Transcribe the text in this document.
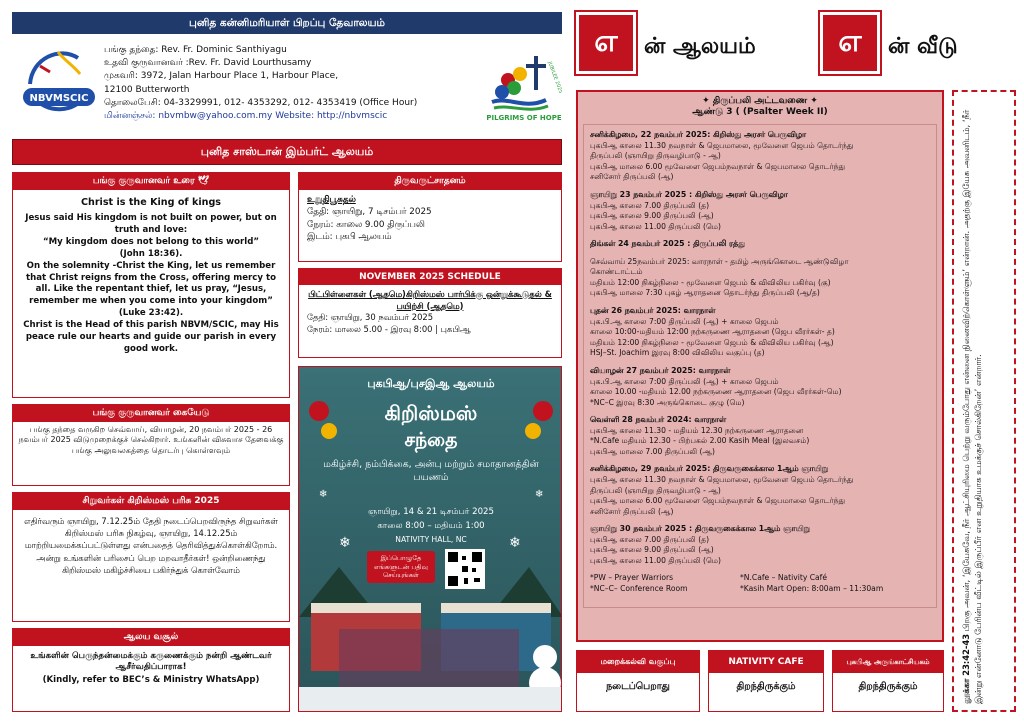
புனித கன்னிமரியாள் பிறப்பு தேவாலயம்
NBVMSCIC
பங்கு தந்தை: Rev. Fr. Dominic Santhiyagu
உதவி குருவானவர் :Rev. Fr. David Lourthusamy
முகவரி: 3972, Jalan Harbour Place 1, Harbour Place,
12100 Butterworth
தொலைபேசி: 04-3329991, 012- 4353292, 012- 4353419 (Office Hour)
மின்னஞ்சல்: nbvmbw@yahoo.com.my Website: http://nbvmscic	PILGRIMS OF HOPE
JUBILEE 2025
புனித சாஸ்டான் இம்பர்ட் ஆலயம்
எ	ன் ஆலயம்	எ	ன் வீடு
பங்கு குருவானவர் உரை 🕊
Christ is the King of kings
Jesus said His kingdom is not built on power, but on truth and love:
“My kingdom does not belong to this world”
(John 18:36).
On the solemnity -Christ the King, let us remember that Christ reigns from the Cross, offering mercy to all. Like the repentant thief, let us pray, “Jesus, remember me when you come into your kingdom”
(Luke 23:42).
Christ is the Head of this parish NBVM/SCIC, may His peace rule our hearts and guide our parish in every good work.
பங்கு குருவானவர் கையேடு
பங்கு தந்தை வருகிற செவ்வாய், வியாழன், 20 நவம்பர் 2025 - 26 நவம்பர் 2025 விடுமுறைக்குச் செல்கிறார். உங்களின் விசுவாச தேவைக்கு பங்கு அலுவலகத்தை தொடர்பு கொள்ளவும்
சிறுவர்கள் கிறிஸ்மஸ் பரிசு 2025
எதிர்வரும் ஞாயிறு, 7.12.25ம் தேதி நடைப்பெறவிருந்த சிறுவர்கள் கிறிஸ்மஸ் பரிசு நிகழ்வு, ஞாயிறு, 14.12.25ம் மாற்றியமைக்கப்பட்டுள்ளது என்பதைத் தெரிவித்துக்கொள்கிறோம். அன்று உங்களின் பரிசைப் பெற மறவாதீர்கள்! ஒன்றிணைந்து கிறிஸ்மஸ் மகிழ்ச்சியை பகிர்ந்துக் கொள்வோம்
ஆலய வசூல்
உங்களின் பெருந்தன்மைக்கும் கருணைக்கும் நன்றி ஆண்டவர் ஆசீர்வதிப்பாராக!
(Kindly, refer to BEC’s & Ministry WhatsApp)
திருவருட்சாதனம்
உறுதிபூசுதல்
தேதி: ஞாயிறு, 7 டிசம்பர் 2025
நேரம்: காலை 9.00 திருப்பலி
இடம்: புகபி ஆலயம்
NOVEMBER 2025 SCHEDULE
பிட்பிள்ளைகள் (ஆதமெ)கிறிஸ்மஸ் பார்பிக்கு ஒன்றுக்கூடுதல் & பயிற்சி (ஆதமெ)
தேதி: ஞாயிறு, 30 நவம்பர் 2025
நேரம்: மாலை 5.00 - இரவு 8:00 | புகபிஆ
❄	❄
❄	❄
புகபிஆ/புசஇஆ ஆலயம்
கிறிஸ்மஸ்
சந்தை
மகிழ்ச்சி, நம்பிக்கை, அன்பு மற்றும் சமாதானத்தின் பயணம்
ஞாயிறு, 14 & 21 டிசம்பர் 2025
காலை 8:00 – மதியம் 1:00
NATIVITY HALL, NC
இப்பொழுதே எங்களுடன் பதிவு செய்யுங்கள்
✦ திருப்பலி அட்டவணை ✦
ஆண்டு 3 ( (Psalter Week II)
சனிக்கிழமை, 22 நவம்பர் 2025: கிறிஸ்து அரசர் பெருவிழா
புகபிஆ காலை 11.30 நவநாள் & ஜெபமாலை, மூவேளை ஜெபம் தொடர்ந்து
திருப்பலி (ஞாயிறு திருவழிபாடு - ஆ)
புகபிஆ மாலை 6.00 மூவேளை ஜெபம்நவநாள் & ஜெபமாலை தொடர்ந்து
சனிசோர் திருப்பலி (ஆ)
ஞாயிறு 23 நவம்பர் 2025 : கிறிஸ்து அரசர் பெருவிழா
புகபிஆ காலை 7.00 திருப்பலி (த)
புகபிஆ காலை 9.00 திருப்பலி (ஆ)
புகபிஆ காலை 11.00 திருப்பலி (மெ)
திங்கள் 24 நவம்பர் 2025 : திருப்பலி ரத்து
செவ்வாய் 25நவம்பர் 2025: வாரநாள் - தமிழ் அருங்கொடை ஆண்டுவிழா
கொண்டாட்டம்
மதியம் 12:00 நிகழ்நிலை - மூவேளை ஜெபம் & விவிலிய பகிர்வு (கு)
புகபிஆ மாலை 7:30 புகழ் ஆராதனை தொடர்ந்து திருப்பலி (ஆ/த)
புதன் 26 நவம்பர் 2025: வாரநாள்
புக.பி.ஆ காலை 7:00 திருப்பலி (ஆ) + காலை ஜெபம்
காலை 10:00-மதியம் 12:00 நற்கருணை ஆராதனை (ஜெப வீரர்கள்- த)
மதியம் 12:00 நிகழ்நிலை - மூவேளை ஜெபம் & விவிலிய பகிர்வு (ஆ)
HSJ–St. Joachim இரவு 8:00 விவிலிய வகுப்பு (த)
வியாழன் 27 நவம்பர் 2025: வாரநாள்
புக.பி.ஆ காலை 7:00 திருப்பலி (ஆ) + காலை ஜெபம்
காலை 10.00 -மதியம் 12.00 நற்கருணை ஆராதனை (ஜெப வீரர்கள்-மெ)
*NC–C இரவு 8:30 அருங்கொடை குழு (மெ)
வெள்ளி 28 நவம்பர் 2024: வாரநாள்
புகபிஆ காலை 11.30 - மதியம் 12.30 நற்கருணை ஆராதனை
*N.Cafe மதியம் 12.30 - பிற்பகல் 2.00 Kasih Meal (இலவசம்)
புகபிஆ மாலை 7.00 திருப்பலி (ஆ)
சனிக்கிழமை, 29 நவம்பர் 2025: திருவருகைக்கால 1ஆம் ஞாயிறு
புகபிஆ காலை 11.30 நவநாள் & ஜெபமாலை, மூவேளை ஜெபம் தொடர்ந்து
திருப்பலி (ஞாயிறு திருவழிபாடு - ஆ)
புகபிஆ மாலை 6.00 மூவேளை ஜெபம்நவநாள் & ஜெபமாலை தொடர்ந்து
சனிசோர் திருப்பலி (ஆ)
ஞாயிறு 30 நவம்பர் 2025 : திருவருகைக்கால 1ஆம் ஞாயிறு
புகபிஆ காலை 7.00 திருப்பலி (த)
புகபிஆ காலை 9.00 திருப்பலி (ஆ)
புகபிஆ காலை 11.00 திருப்பலி (மெ)
*PW – Prayer Warriors	*N.Cafe – Nativity Café
*NC–C– Conference Room	*Kasih Mart Open: 8:00am – 11:30am
மறைக்கல்வி வகுப்பு
நடைப்பெறாது
NATIVITY CAFE
திறந்திருக்கும்
புகபிஆ அருங்காட்சியகம்
திறந்திருக்கும்	லூக்கா 23:42-43 பிறகு அவன், ‘இயேசுவே, நீர் ஆட்சியுரிமை பெற்று வரும்போது என்னை நினைவிற்கொள்ளும்’ என்றான். அதற்கு இயேசு அவனிடம், ‘நீர் இன்று என்னோடு பேரின்ப வீட்டில் இருப்பீர் என உறுதியாக உமக்குச் சொல்கிறேன்’ என்றார்.
